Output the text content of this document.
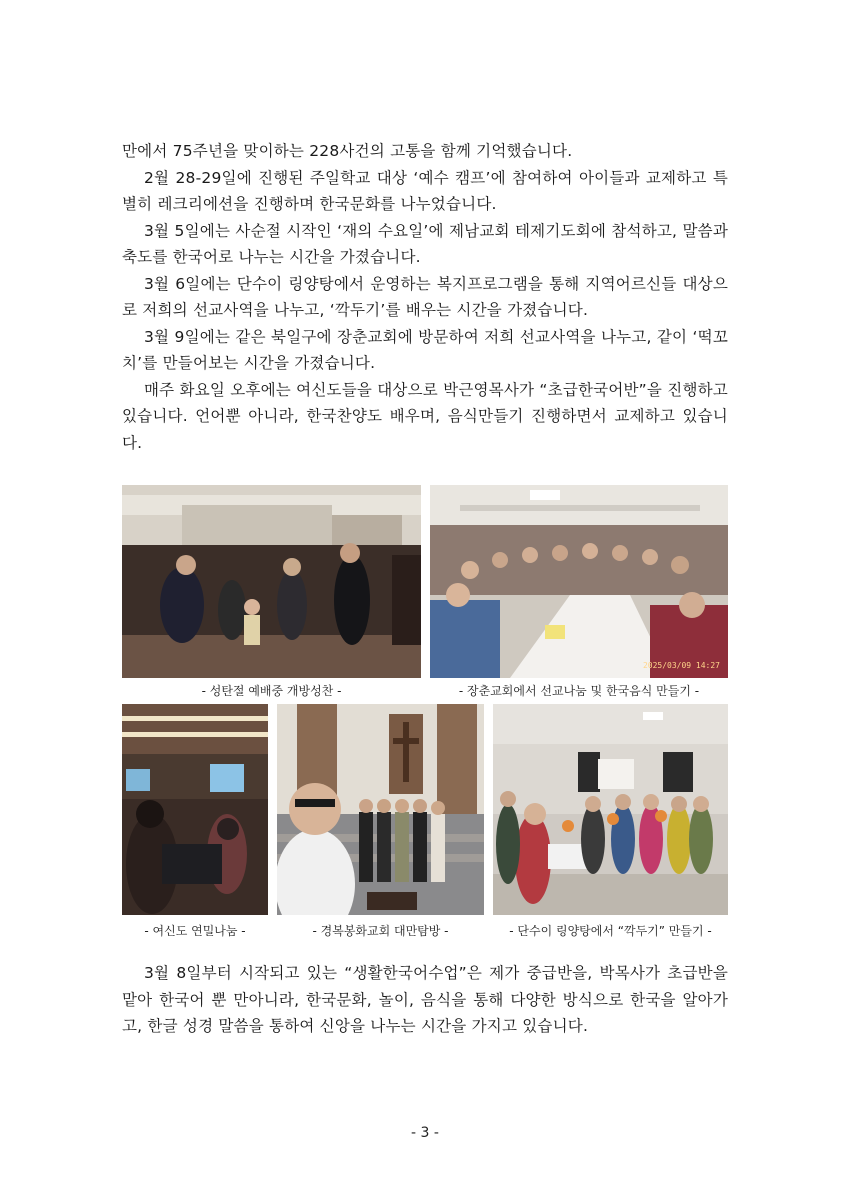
만에서 75주년을 맞이하는 228사건의 고통을 함께 기억했습니다.

2월 28-29일에 진행된 주일학교 대상 ‘예수 캠프’에 참여하여 아이들과 교제하고 특별히 레크리에션을 진행하며 한국문화를 나누었습니다.

3월 5일에는 사순절 시작인 ‘재의 수요일’에 제남교회 테제기도회에 참석하고, 말씀과 축도를 한국어로 나누는 시간을 가졌습니다.

3월 6일에는 단수이 링양탕에서 운영하는 복지프로그램을 통해 지역어르신들 대상으로 저희의 선교사역을 나누고, ‘깍두기’를 배우는 시간을 가졌습니다.

3월 9일에는 같은 북일구에 장춘교회에 방문하여 저희 선교사역을 나누고, 같이 ‘떡꼬치’를 만들어보는 시간을 가졌습니다.

매주 화요일 오후에는 여신도들을 대상으로 박근영목사가 “초급한국어반”을 진행하고 있습니다. 언어뿐 아니라, 한국찬양도 배우며, 음식만들기 진행하면서 교제하고 있습니다.

- 성탄절 예배중 개방성찬 -
2025/03/09 14:27
- 장춘교회에서 선교나눔 및 한국음식 만들기 -
- 여신도 연밀나눔 -	- 경복봉화교회 대만탐방 -	- 단수이 링양탕에서 “깍두기” 만들기 -

3월 8일부터 시작되고 있는 “생활한국어수업”은 제가 중급반을, 박목사가 초급반을 맡아 한국어 뿐 만아니라, 한국문화, 놀이, 음식을 통해 다양한 방식으로 한국을 알아가고, 한글 성경 말씀을 통하여 신앙을 나누는 시간을 가지고 있습니다.

- 3 -
